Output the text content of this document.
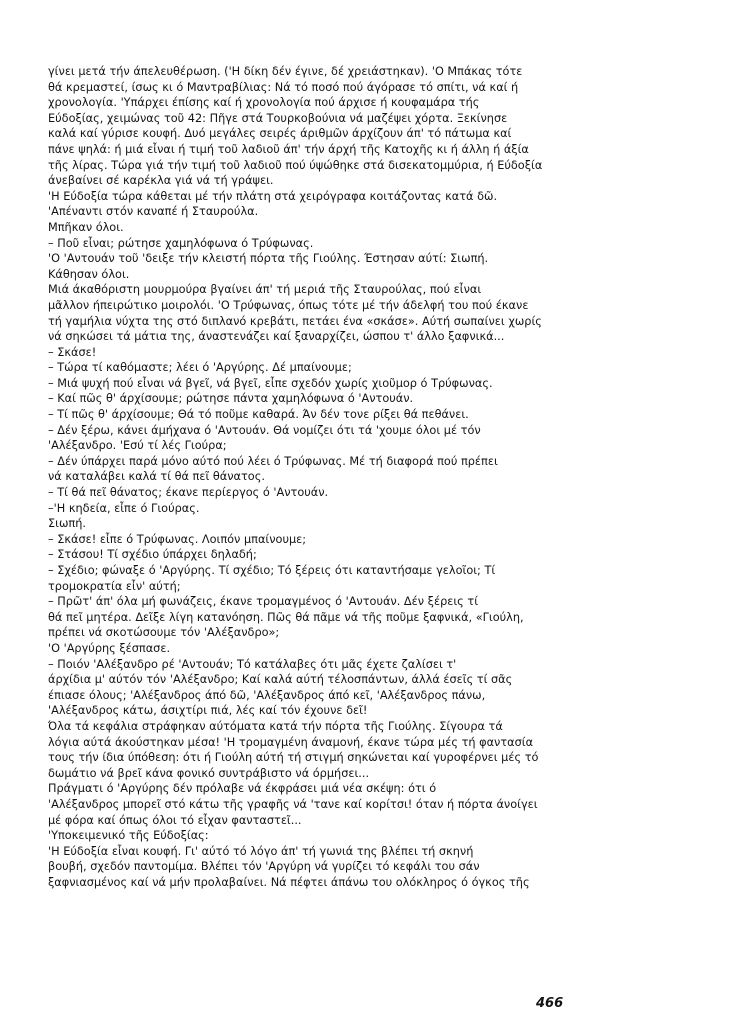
γίνει μετά τήν άπελευθέρωση. ('Η δίκη δέν έγινε, δέ χρειάστηκαν). 'Ο Μπάκας τότε
θά κρεμαστεί, ίσως κι ό Μαντραβίλιας: Νά τό ποσό πού άγόρασε τό σπίτι, νά καί ή
χρονολογία. 'Υπάρχει έπίσης καί ή χρονολογία πού άρχισε ή κουφαμάρα τής
Εύδοξίας, χειμώνας τοῦ 42: Πῆγε στά Τουρκοβούνια νά μαζέψει χόρτα. Ξεκίνησε
καλά καί γύρισε κουφή. Δυό μεγάλες σειρές άριθμῶν άρχίζουν άπ' τό πάτωμα καί
πάνε ψηλά: ή μιά εἶναι ή τιμή τοῦ λαδιοῦ άπ' τήν άρχή τῆς Κατοχῆς κι ή άλλη ή άξία
τῆς λίρας. Τώρα γιά τήν τιμή τοῦ λαδιοῦ πού ύψώθηκε στά δισεκατομμύρια, ή Εύδοξία
άνεβαίνει σέ καρέκλα γιά νά τή γράψει.
'Η Εύδοξία τώρα κάθεται μέ τήν πλάτη στά χειρόγραφα κοιτάζοντας κατά δῶ.
'Απέναντι στόν καναπέ ή Σταυρούλα.
Μπῆκαν όλοι.
– Ποῦ εἶναι; ρώτησε χαμηλόφωνα ό Τρύφωνας.
'Ο 'Αντουάν τοῦ 'δειξε τήν κλειστή πόρτα τῆς Γιούλης. Έστησαν αύτί: Σιωπή.
Κάθησαν όλοι.
Μιά άκαθόριστη μουρμούρα βγαίνει άπ' τή μεριά τῆς Σταυρούλας, πού εἶναι
μᾶλλον ήπειρώτικο μοιρολόι. 'Ο Τρύφωνας, όπως τότε μέ τήν άδελφή του πού έκανε
τή γαμήλια νύχτα της στό διπλανό κρεβάτι, πετάει ένα «σκάσε». Αύτή σωπαίνει χωρίς
νά σηκώσει τά μάτια της, άναστενάζει καί ξαναρχίζει, ώσπου τ' άλλο ξαφνικά...
– Σκάσε!
– Τώρα τί καθόμαστε; λέει ό 'Αργύρης. Δέ μπαίνουμε;
– Μιά ψυχή πού εἶναι νά βγεῖ, νά βγεῖ, εἶπε σχεδόν χωρίς χιοῦμορ ό Τρύφωνας.
– Καί πῶς θ' άρχίσουμε; ρώτησε πάντα χαμηλόφωνα ό 'Αντουάν.
– Τί πῶς θ' άρχίσουμε; Θά τό ποῦμε καθαρά. Άν δέν τονε ρίξει θά πεθάνει.
– Δέν ξέρω, κάνει άμήχανα ό 'Αντουάν. Θά νομίζει ότι τά 'χουμε όλοι μέ τόν
'Αλέξανδρο. 'Εσύ τί λές Γιούρα;
– Δέν ύπάρχει παρά μόνο αύτό πού λέει ό Τρύφωνας. Μέ τή διαφορά πού πρέπει
νά καταλάβει καλά τί θά πεῖ θάνατος.
– Τί θά πεῖ θάνατος; έκανε περίεργος ό 'Αντουάν.
–'Η κηδεία, εἶπε ό Γιούρας.
Σιωπή.
– Σκάσε! εἶπε ό Τρύφωνας. Λοιπόν μπαίνουμε;
– Στάσου! Τί σχέδιο ύπάρχει δηλαδή;
– Σχέδιο; φώναξε ό 'Αργύρης. Τί σχέδιο; Τό ξέρεις ότι καταντήσαμε γελοῖοι; Τί
τρομοκρατία εἶν' αύτή;
– Πρῶτ' άπ' όλα μή φωνάζεις, έκανε τρομαγμένος ό 'Αντουάν. Δέν ξέρεις τί
θά πεῖ μητέρα. Δεῖξε λίγη κατανόηση. Πῶς θά πᾶμε νά τῆς ποῦμε ξαφνικά, «Γιούλη,
πρέπει νά σκοτώσουμε τόν 'Αλέξανδρο»;
'Ο 'Αργύρης ξέσπασε.
– Ποιόν 'Αλέξανδρο ρέ 'Αντουάν; Τό κατάλαβες ότι μᾶς έχετε ζαλίσει τ'
άρχίδια μ' αύτόν τόν 'Αλέξανδρο; Καί καλά αύτή τέλοσπάντων, άλλά έσεῖς τί σᾶς
έπιασε όλους; 'Αλέξανδρος άπό δῶ, 'Αλέξανδρος άπό κεῖ, 'Αλέξανδρος πάνω,
'Αλέξανδρος κάτω, άσιχτίρι πιά, λές καί τόν έχουνε δεῖ!
Όλα τά κεφάλια στράφηκαν αύτόματα κατά τήν πόρτα τῆς Γιούλης. Σίγουρα τά
λόγια αύτά άκούστηκαν μέσα! 'Η τρομαγμένη άναμονή, έκανε τώρα μές τή φαντασία
τους τήν ίδια ύπόθεση: ότι ή Γιούλη αύτή τή στιγμή σηκώνεται καί γυροφέρνει μές τό
δωμάτιο νά βρεῖ κάνα φονικό συντράβιστο νά όρμήσει...
Πράγματι ό 'Αργύρης δέν πρόλαβε νά έκφράσει μιά νέα σκέψη: ότι ό
'Αλέξανδρος μπορεῖ στό κάτω τῆς γραφῆς νά 'τανε καί κορίτσι! όταν ή πόρτα άνοίγει
μέ φόρα καί όπως όλοι τό εἶχαν φανταστεῖ...
'Υποκειμενικό τῆς Εύδοξίας:
'Η Εύδοξία εἶναι κουφή. Γι' αύτό τό λόγο άπ' τή γωνιά της βλέπει τή σκηνή
βουβή, σχεδόν παντομίμα. Βλέπει τόν 'Αργύρη νά γυρίζει τό κεφάλι του σάν
ξαφνιασμένος καί νά μήν προλαβαίνει. Νά πέφτει άπάνω του ολόκληρος ό όγκος τῆς
466
